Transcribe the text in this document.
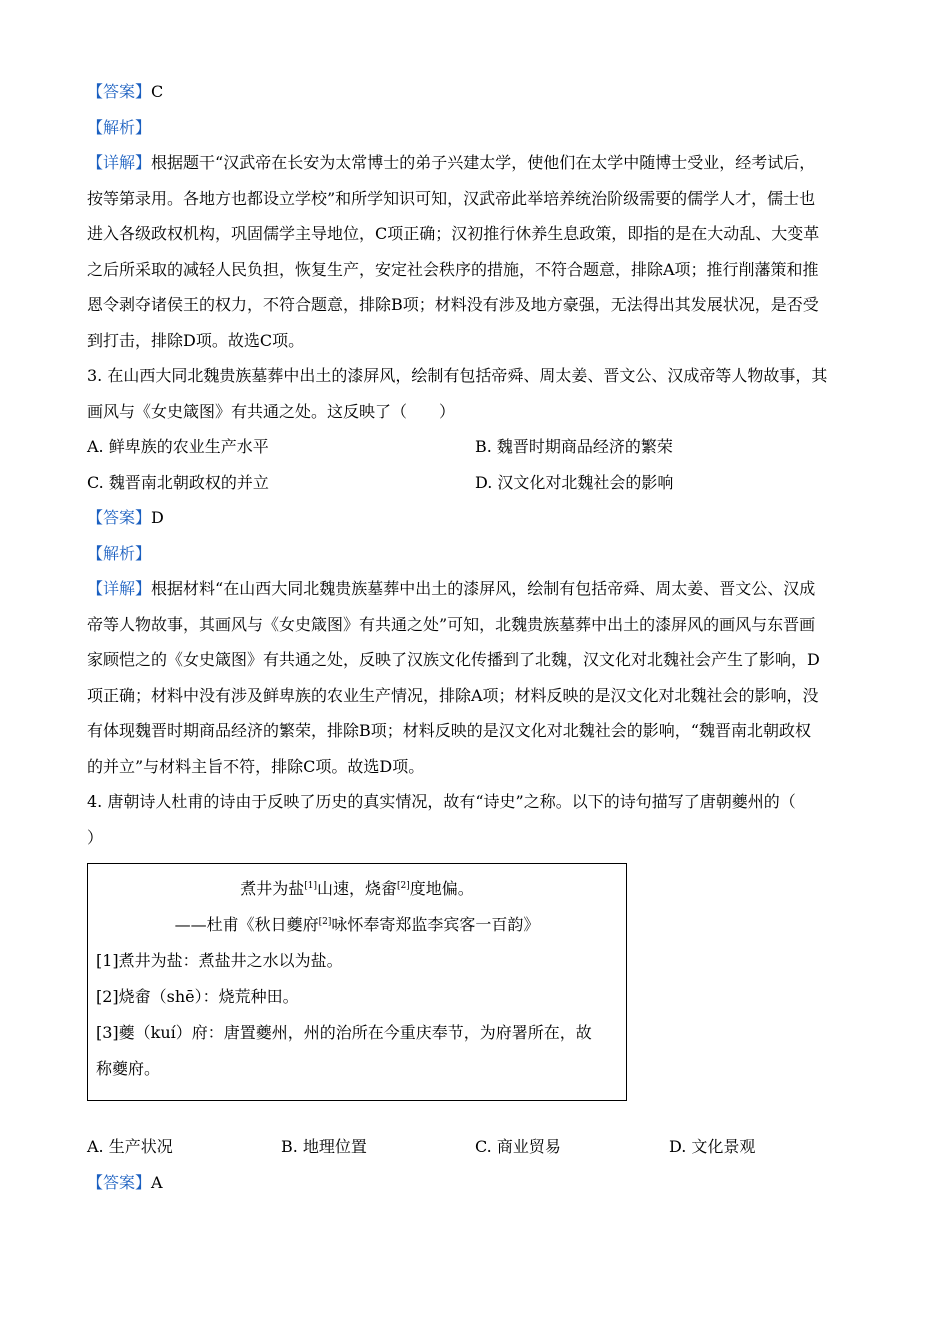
【答案】C
【解析】
【详解】根据题干“汉武帝在长安为太常博士的弟子兴建太学，使他们在太学中随博士受业，经考试后，
按等第录用。各地方也都设立学校”和所学知识可知，汉武帝此举培养统治阶级需要的儒学人才，儒士也
进入各级政权机构，巩固儒学主导地位，C项正确；汉初推行休养生息政策，即指的是在大动乱、大变革
之后所采取的减轻人民负担，恢复生产，安定社会秩序的措施，不符合题意，排除A项；推行削藩策和推
恩令剥夺诸侯王的权力，不符合题意，排除B项；材料没有涉及地方豪强，无法得出其发展状况，是否受
到打击，排除D项。故选C项。
3. 在山西大同北魏贵族墓葬中出土的漆屏风，绘制有包括帝舜、周太姜、晋文公、汉成帝等人物故事，其
画风与《女史箴图》有共通之处。这反映了（　　）
A. 鲜卑族的农业生产水平	B. 魏晋时期商品经济的繁荣
C. 魏晋南北朝政权的并立	D. 汉文化对北魏社会的影响
【答案】D
【解析】
【详解】根据材料“在山西大同北魏贵族墓葬中出土的漆屏风，绘制有包括帝舜、周太姜、晋文公、汉成
帝等人物故事，其画风与《女史箴图》有共通之处”可知，北魏贵族墓葬中出土的漆屏风的画风与东晋画
家顾恺之的《女史箴图》有共通之处，反映了汉族文化传播到了北魏，汉文化对北魏社会产生了影响，D
项正确；材料中没有涉及鲜卑族的农业生产情况，排除A项；材料反映的是汉文化对北魏社会的影响，没
有体现魏晋时期商品经济的繁荣，排除B项；材料反映的是汉文化对北魏社会的影响，“魏晋南北朝政权
的并立”与材料主旨不符，排除C项。故选D项。
4. 唐朝诗人杜甫的诗由于反映了历史的真实情况，故有“诗史”之称。以下的诗句描写了唐朝夔州的（
）
煮井为盐[1]山速，烧畲[2]度地偏。
——杜甫《秋日夔府[2]咏怀奉寄郑监李宾客一百韵》
[1]煮井为盐：煮盐井之水以为盐。
[2]烧畲（shē）：烧荒种田。
[3]夔（kuí）府：唐置夔州，州的治所在今重庆奉节，为府署所在，故
称夔府。
A. 生产状况	B. 地理位置	C. 商业贸易	D. 文化景观
【答案】A
